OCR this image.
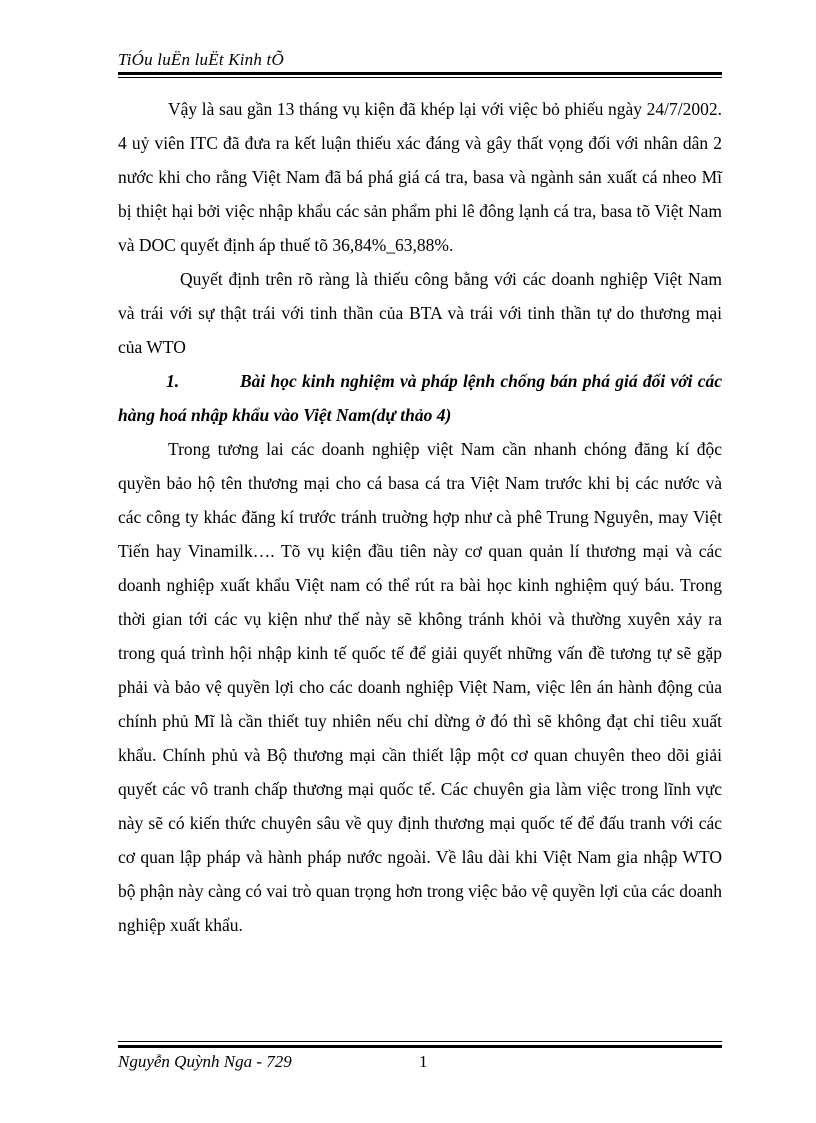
TiÓu luËn luËt Kinh tÕ

Vậy là sau gần 13 tháng vụ kiện đã khép lại với việc bỏ phiếu ngày 24/7/2002. 4 uỷ viên ITC đã đưa ra kết luận thiếu xác đáng và gây thất vọng đối với nhân dân 2 nước khi cho rằng Việt Nam đã bá phá giá cá tra, basa và ngành sản xuất cá nheo Mĩ bị thiệt hại bởi việc nhập khẩu các sản phẩm phi lê đông lạnh cá tra, basa tõ Việt Nam và DOC quyết định áp thuế tõ 36,84%_63,88%.

Quyết định trên rõ ràng là thiếu công bằng với các doanh nghiệp Việt Nam và trái với sự thật trái với tinh thần của BTA và trái với tinh thần tự do thương mại của WTO

1.	Bài học kinh nghiệm và pháp lệnh chống bán phá giá đối với các hàng hoá nhập khẩu vào Việt Nam(dự thảo 4)

Trong tương lai các doanh nghiệp việt Nam cần nhanh chóng đăng kí độc quyền bảo hộ tên thương mại cho cá basa cá tra Việt Nam trước khi bị các nước và các công ty khác đăng kí trước tránh truờng hợp như cà phê Trung Nguyên, may Việt Tiến hay Vinamilk…. Tõ vụ kiện đầu tiên này cơ quan quản lí thương mại và các doanh nghiệp xuất khẩu Việt nam có thể rút ra bài học kinh nghiệm quý báu. Trong thời gian tới các vụ kiện như thế này sẽ không tránh khỏi và thường xuyên xảy ra trong quá trình hội nhập kinh tế quốc tế để giải quyết những vấn đề tương tự sẽ gặp phải và bảo vệ quyền lợi cho các doanh nghiệp Việt Nam, việc lên án hành động của chính phủ Mĩ là cần thiết tuy nhiên nếu chỉ dừng ở đó thì sẽ không đạt chỉ tiêu xuất khẩu. Chính phủ và Bộ thương mại cần thiết lập một cơ quan chuyên theo dõi giải quyết các vô tranh chấp thương mại quốc tế. Các chuyên gia làm việc trong lĩnh vực này sẽ có kiến thức chuyên sâu về quy định thương mại quốc tế để đấu tranh với các cơ quan lập pháp và hành pháp nước ngoài. Về lâu dài khi Việt Nam gia nhập WTO bộ phận này càng có vai trò quan trọng hơn trong việc bảo vệ quyền lợi của các doanh nghiệp xuất khẩu.

Nguyễn Quỳnh Nga - 729	1
